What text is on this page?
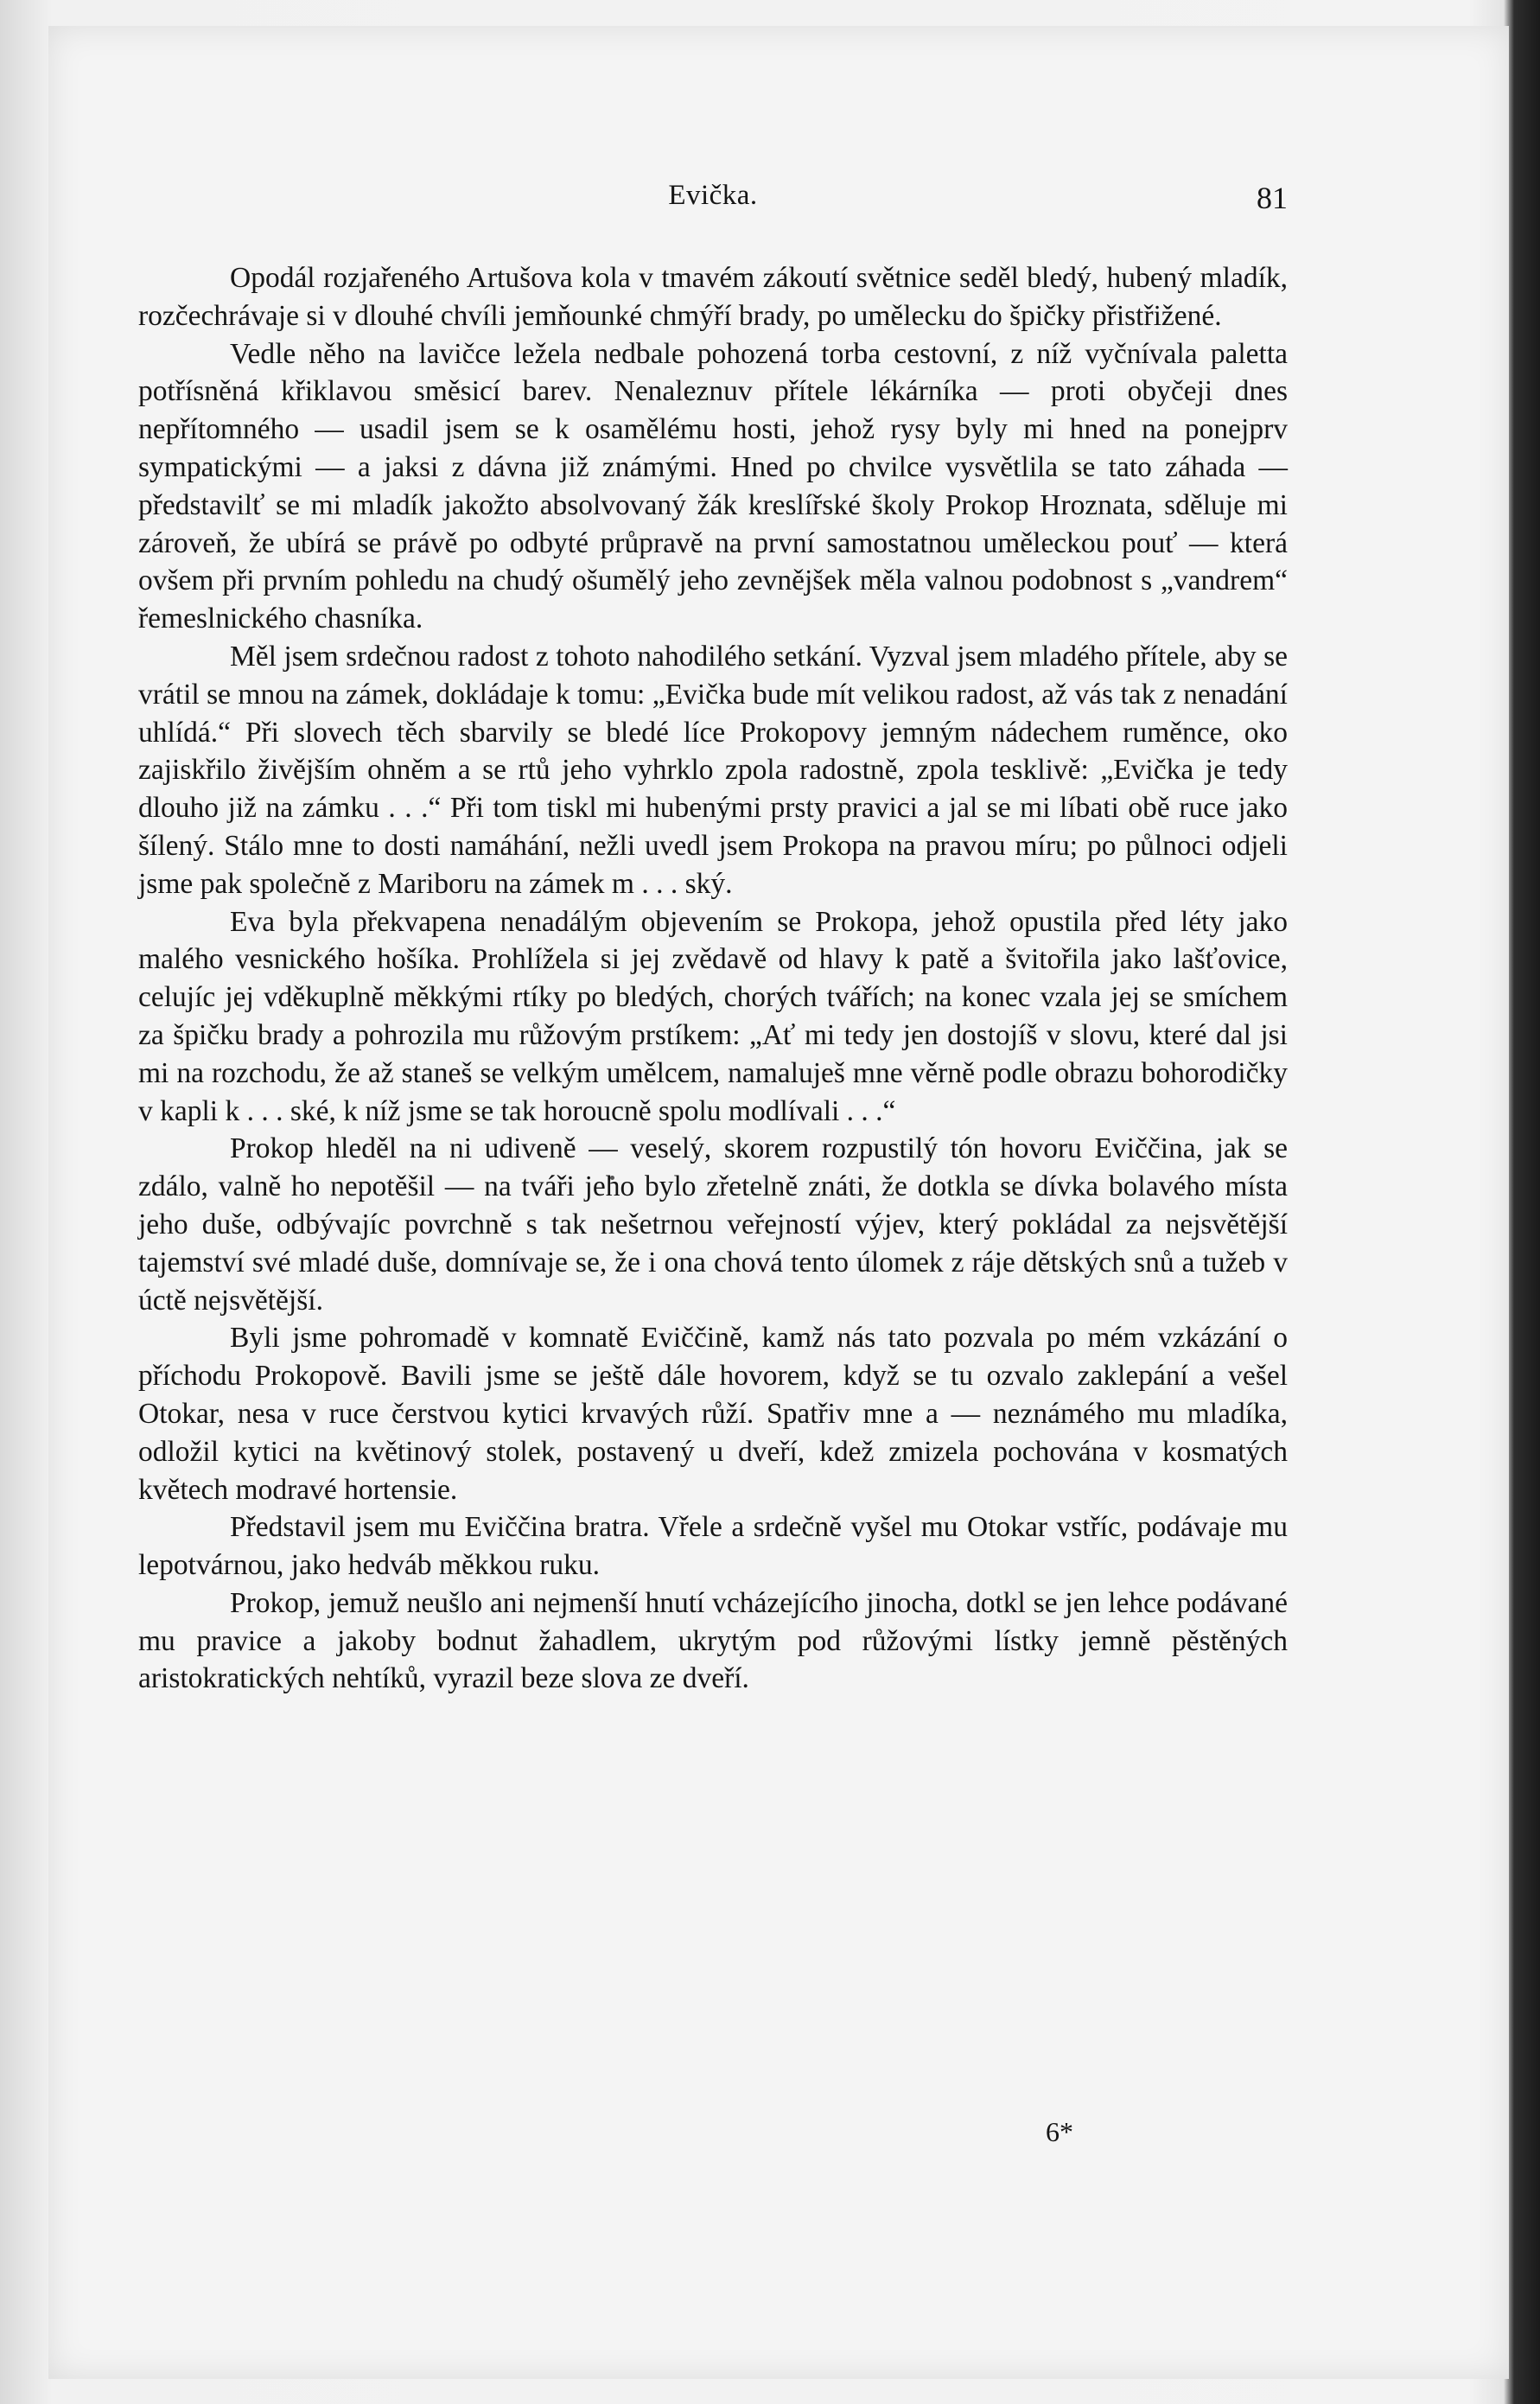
Evička.	81

Opodál rozjařeného Artušova kola v tmavém zákoutí světnice seděl bledý, hubený mladík, rozčechrávaje si v dlouhé chvíli jemňounké chmýří brady, po umělecku do špičky přistřižené.

Vedle něho na lavičce ležela nedbale pohozená torba cestovní, z níž vyčnívala paletta potřísněná křiklavou směsicí barev. Nenaleznuv přítele lékárníka — proti obyčeji dnes nepřítomného — usadil jsem se k osamělému hosti, jehož rysy byly mi hned na ponejprv sympatickými — a jaksi z dávna již známými. Hned po chvilce vysvětlila se tato záhada — představilť se mi mladík jakožto absolvovaný žák kreslířské školy Prokop Hroznata, sděluje mi zároveň, že ubírá se právě po odbyté průpravě na první samostatnou uměleckou pouť — která ovšem při prvním pohledu na chudý ošumělý jeho zevnějšek měla valnou podobnost s „vandrem“ řemeslnického chasníka.

Měl jsem srdečnou radost z tohoto nahodilého setkání. Vyzval jsem mladého přítele, aby se vrátil se mnou na zámek, dokládaje k tomu: „Evička bude mít velikou radost, až vás tak z nenadání uhlídá.“ Při slovech těch sbarvily se bledé líce Prokopovy jemným nádechem ruměnce, oko zajiskřilo živějším ohněm a se rtů jeho vyhrklo zpola radostně, zpola tesklivě: „Evička je tedy dlouho již na zámku . . .“ Při tom tiskl mi hubenými prsty pravici a jal se mi líbati obě ruce jako šílený. Stálo mne to dosti namáhání, nežli uvedl jsem Prokopa na pravou míru; po půlnoci odjeli jsme pak společně z Mariboru na zámek m . . . ský.

Eva byla překvapena nenadálým objevením se Prokopa, jehož opustila před léty jako malého vesnického hošíka. Prohlížela si jej zvědavě od hlavy k patě a švitořila jako lašťovice, celujíc jej vděkuplně měkkými rtíky po bledých, chorých tvářích; na konec vzala jej se smíchem za špičku brady a pohrozila mu růžovým prstíkem: „Ať mi tedy jen dostojíš v slovu, které dal jsi mi na rozchodu, že až staneš se velkým umělcem, namaluješ mne věrně podle obrazu bohorodičky v kapli k . . . ské, k níž jsme se tak horoucně spolu modlívali . . .“

Prokop hleděl na ni udiveně — veselý, skorem rozpustilý tón hovoru Eviččina, jak se zdálo, valně ho nepotěšil — na tváři jeho bylo zřetelně znáti, že dotkla se dívka bolavého místa jeho duše, odbývajíc povrchně s tak nešetrnou veřejností výjev, který pokládal za nejsvětější tajemství své mladé duše, domnívaje se, že i ona chová tento úlomek z ráje dětských snů a tužeb v úctě nejsvětější.

Byli jsme pohromadě v komnatě Eviččině, kamž nás tato pozvala po mém vzkázání o příchodu Prokopově. Bavili jsme se ještě dále hovorem, když se tu ozvalo zaklepání a vešel Otokar, nesa v ruce čerstvou kytici krvavých růží. Spatřiv mne a — neznámého mu mladíka, odložil kytici na květinový stolek, postavený u dveří, kdež zmizela pochována v kosmatých květech modravé hortensie.

Představil jsem mu Eviččina bratra. Vřele a srdečně vyšel mu Otokar vstříc, podávaje mu lepotvárnou, jako hedváb měkkou ruku.

Prokop, jemuž neušlo ani nejmenší hnutí vcházejícího jinocha, dotkl se jen lehce podávané mu pravice a jakoby bodnut žahadlem, ukrytým pod růžovými lístky jemně pěstěných aristokratických nehtíků, vyrazil beze slova ze dveří.

6*
